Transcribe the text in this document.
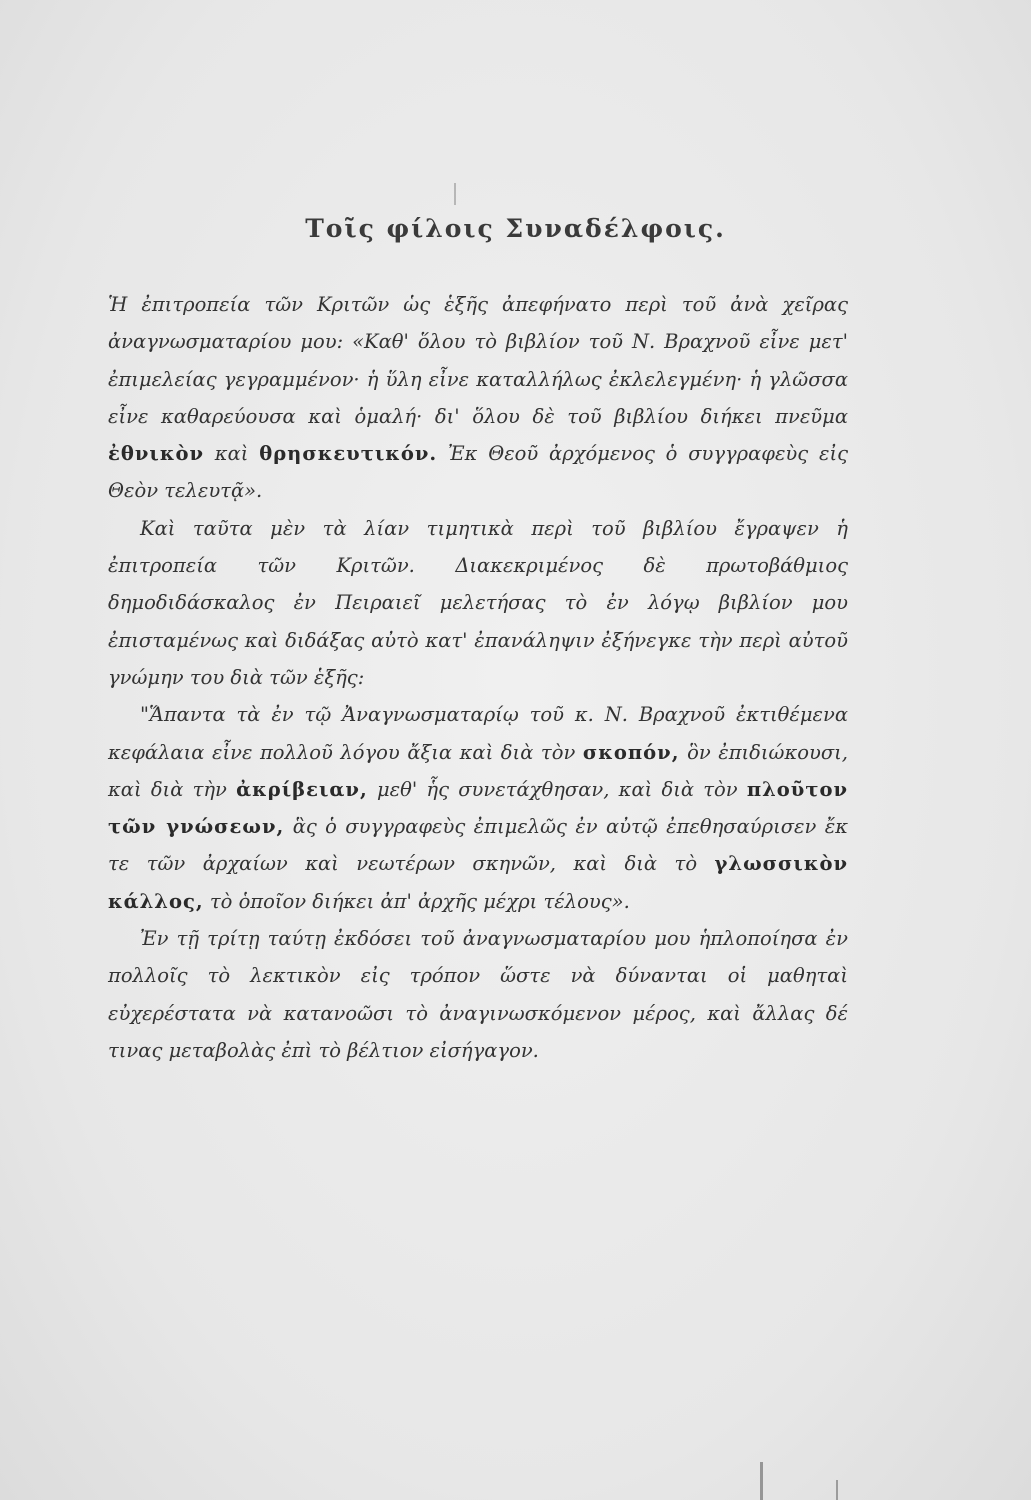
Τοῖς φίλοις Συναδέλφοις.

Ἡ ἐπιτροπεία τῶν Κριτῶν ὡς ἑξῆς ἀπεφήνατο περὶ τοῦ ἀνὰ χεῖρας ἀναγνωσματαρίου μου: «Καθ' ὅλου τὸ βιβλίον τοῦ Ν. Βραχνοῦ εἶνε μετ' ἐπιμελείας γεγραμμένον· ἡ ὕλη εἶνε καταλλήλως ἐκλελεγμένη· ἡ γλῶσσα εἶνε καθαρεύουσα καὶ ὁμαλή· δι' ὅλου δὲ τοῦ βιβλίου διήκει πνεῦμα ἐθνικὸν καὶ θρησκευτικόν. Ἐκ Θεοῦ ἀρχόμενος ὁ συγγραφεὺς εἰς Θεὸν τελευτᾷ».

Καὶ ταῦτα μὲν τὰ λίαν τιμητικὰ περὶ τοῦ βιβλίου ἔγραψεν ἡ ἐπιτροπεία τῶν Κριτῶν. Διακεκριμένος δὲ πρωτοβάθμιος δημοδιδάσκαλος ἐν Πειραιεῖ μελετήσας τὸ ἐν λόγῳ βιβλίον μου ἐπισταμένως καὶ διδάξας αὐτὸ κατ' ἐπανάληψιν ἐξήνεγκε τὴν περὶ αὐτοῦ γνώμην του διὰ τῶν ἑξῆς:

"Ἅπαντα τὰ ἐν τῷ Ἀναγνωσματαρίῳ τοῦ κ. Ν. Βραχνοῦ ἐκτιθέμενα κεφάλαια εἶνε πολλοῦ λόγου ἄξια καὶ διὰ τὸν σκοπόν, ὃν ἐπιδιώκουσι, καὶ διὰ τὴν ἀκρίβειαν, μεθ' ἧς συνετάχθησαν, καὶ διὰ τὸν πλοῦτον τῶν γνώσεων, ἃς ὁ συγγραφεὺς ἐπιμελῶς ἐν αὐτῷ ἐπεθησαύρισεν ἔκ τε τῶν ἀρχαίων καὶ νεωτέρων σκηνῶν, καὶ διὰ τὸ γλωσσικὸν κάλλος, τὸ ὁποῖον διήκει ἀπ' ἀρχῆς μέχρι τέλους».

Ἐν τῇ τρίτῃ ταύτῃ ἐκδόσει τοῦ ἀναγνωσματαρίου μου ἡπλοποίησα ἐν πολλοῖς τὸ λεκτικὸν εἰς τρόπον ὥστε νὰ δύνανται οἱ μαθηταὶ εὐχερέστατα νὰ κατανοῶσι τὸ ἀναγινωσκόμενον μέρος, καὶ ἄλλας δέ τινας μεταβολὰς ἐπὶ τὸ βέλτιον εἰσήγαγον.
